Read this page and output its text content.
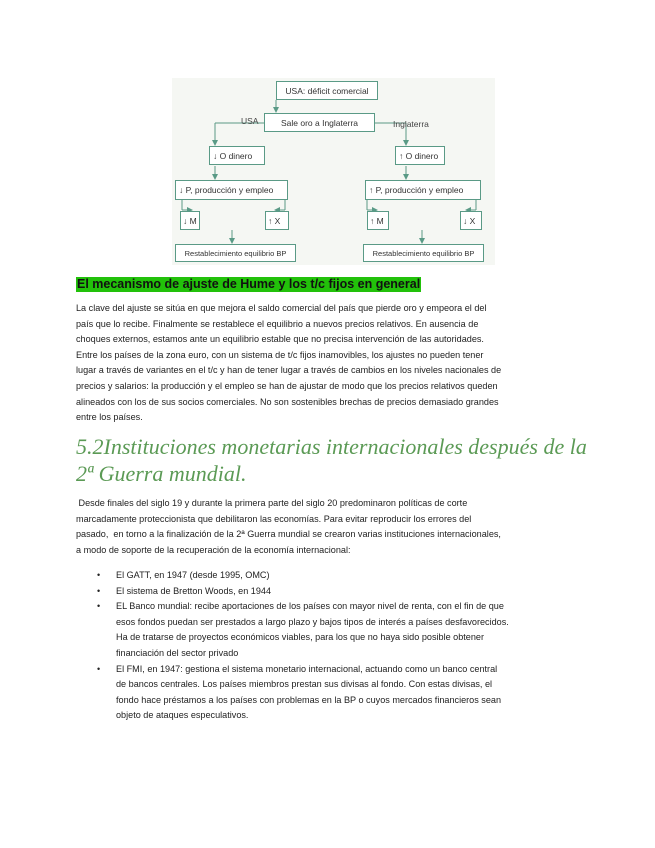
USA: déficit comercial
USA	Sale oro a Inglaterra	Inglaterra
↓ O dinero	↑ O dinero
↓ P, producción y empleo	↑ P, producción y empleo
↓ M	↑ X	↑ M	↓ X
Restablecimiento equilibrio BP	Restablecimiento equilibrio BP
El mecanismo de ajuste de Hume y los t/c fijos en general
La clave del ajuste se sitúa en que mejora el saldo comercial del país que pierde oro y empeora el del
país que lo recibe. Finalmente se restablece el equilibrio a nuevos precios relativos. En ausencia de
choques externos, estamos ante un equilibrio estable que no precisa intervención de las autoridades.
Entre los países de la zona euro, con un sistema de t/c fijos inamovibles, los ajustes no pueden tener
lugar a través de variantes en el t/c y han de tener lugar a través de cambios en los niveles nacionales de
precios y salarios: la producción y el empleo se han de ajustar de modo que los precios relativos queden
alineados con los de sus socios comerciales. No son sostenibles brechas de precios demasiado grandes
entre los países.
5.2Instituciones monetarias internacionales después de la 2ª Guerra mundial.
Desde finales del siglo 19 y durante la primera parte del siglo 20 predominaron políticas de corte
marcadamente proteccionista que debilitaron las economías. Para evitar reproducir los errores del
pasado,  en torno a la finalización de la 2ª Guerra mundial se crearon varias instituciones internacionales,
a modo de soporte de la recuperación de la economía internacional:
• El GATT, en 1947 (desde 1995, OMC)
• El sistema de Bretton Woods, en 1944
• EL Banco mundial: recibe aportaciones de los países con mayor nivel de renta, con el fin de que
esos fondos puedan ser prestados a largo plazo y bajos tipos de interés a países desfavorecidos.
Ha de tratarse de proyectos económicos viables, para los que no haya sido posible obtener
financiación del sector privado
• El FMI, en 1947: gestiona el sistema monetario internacional, actuando como un banco central
de bancos centrales. Los países miembros prestan sus divisas al fondo. Con estas divisas, el
fondo hace préstamos a los países con problemas en la BP o cuyos mercados financieros sean
objeto de ataques especulativos.
